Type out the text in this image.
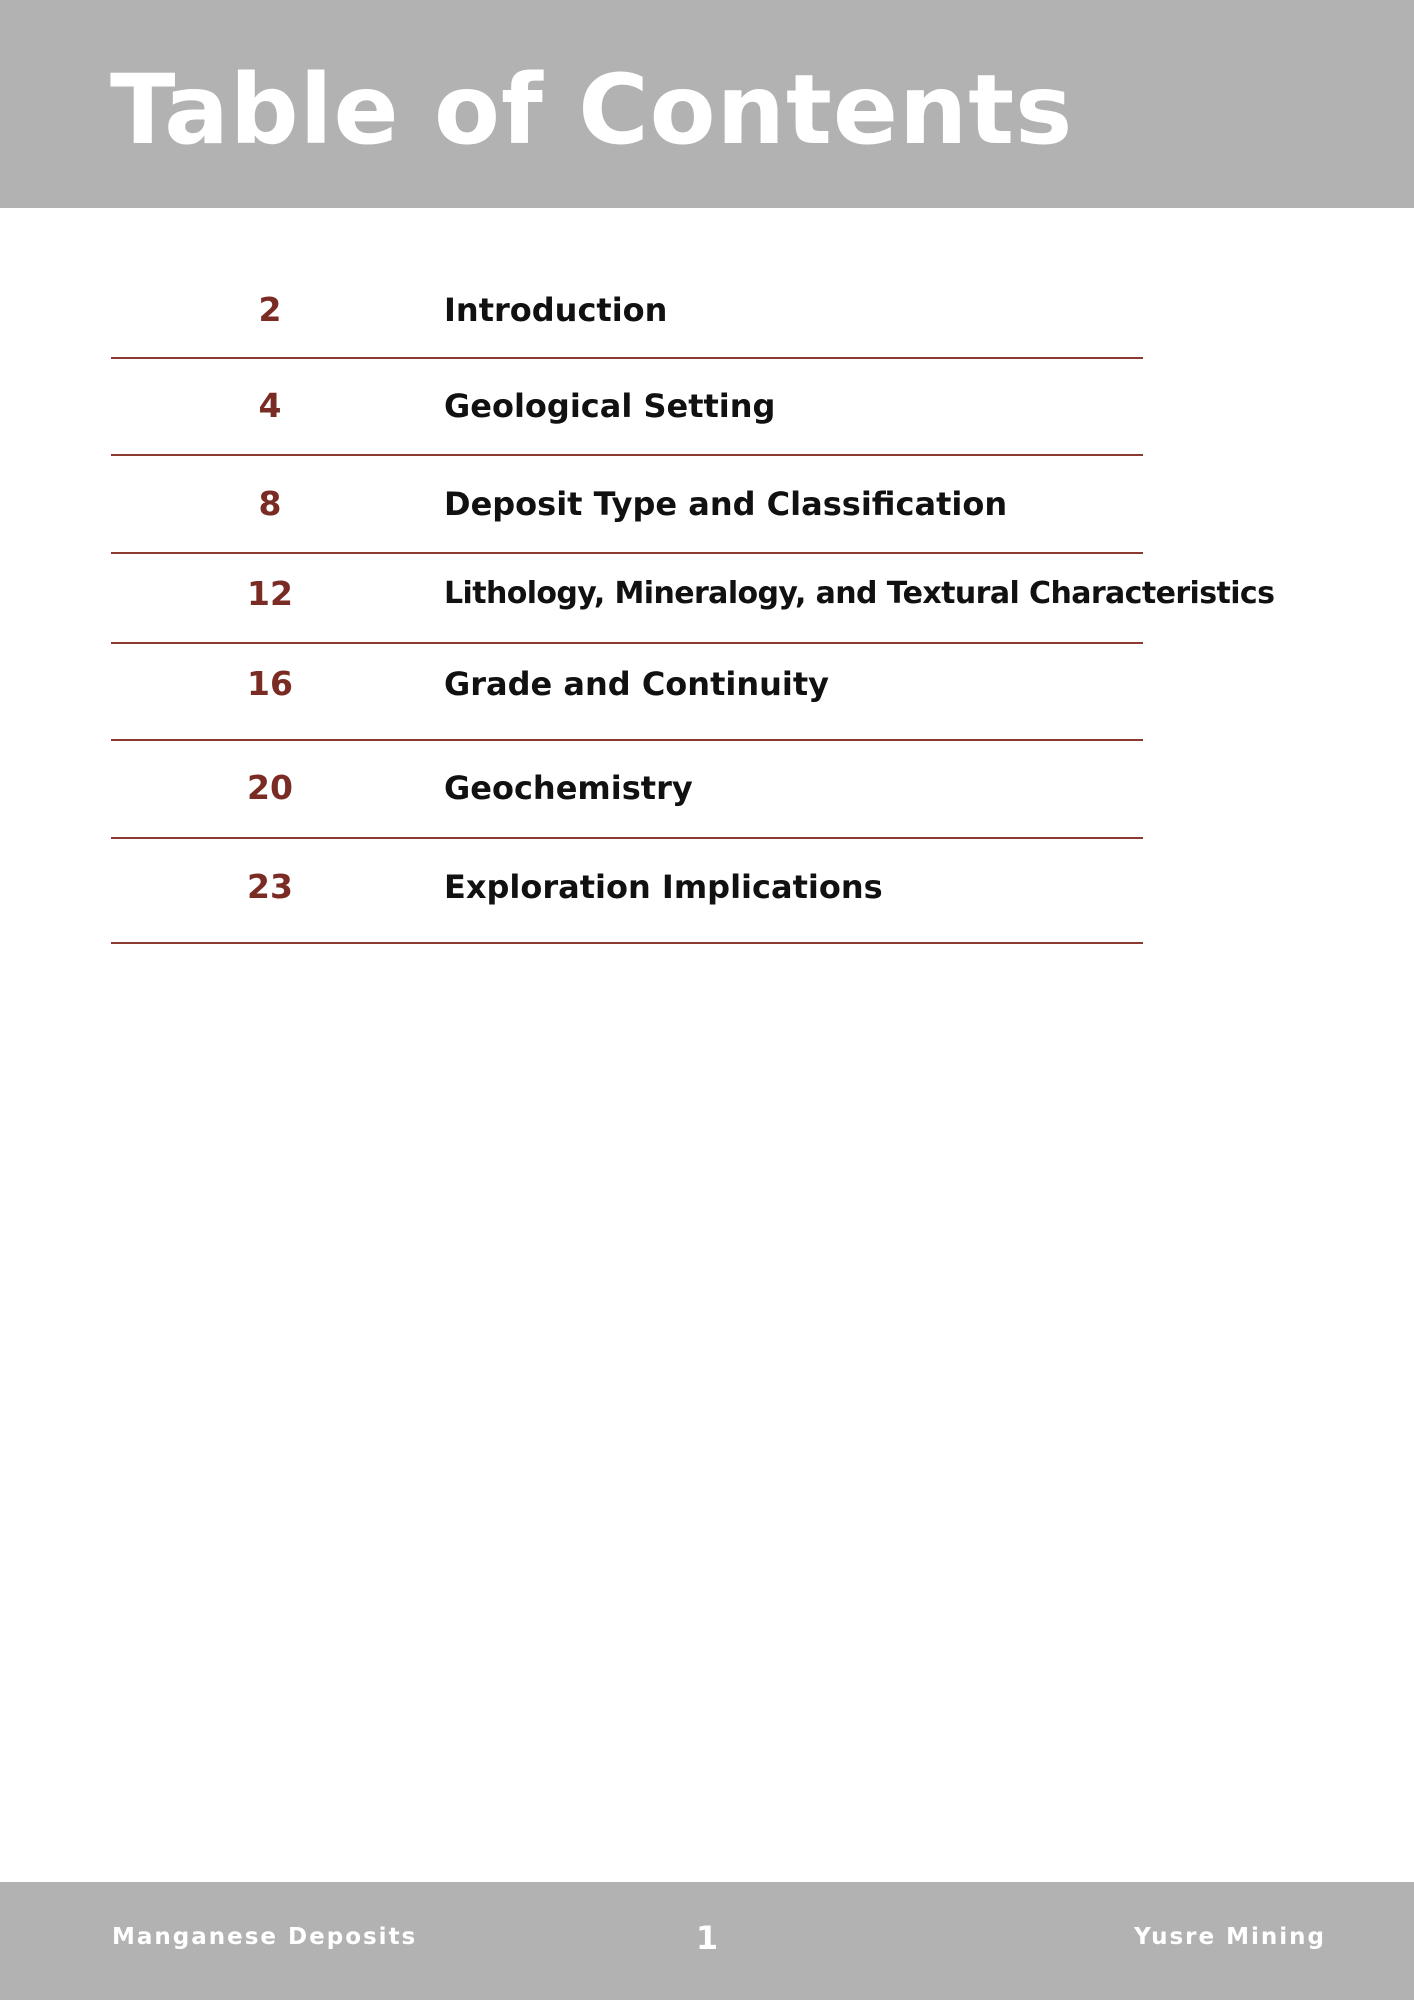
Table of Contents
2	Introduction
4	Geological Setting
8	Deposit Type and Classification
12	Lithology, Mineralogy, and Textural Characteristics
16	Grade and Continuity
20	Geochemistry
23	Exploration Implications
Manganese Deposits	1	Yusre Mining
